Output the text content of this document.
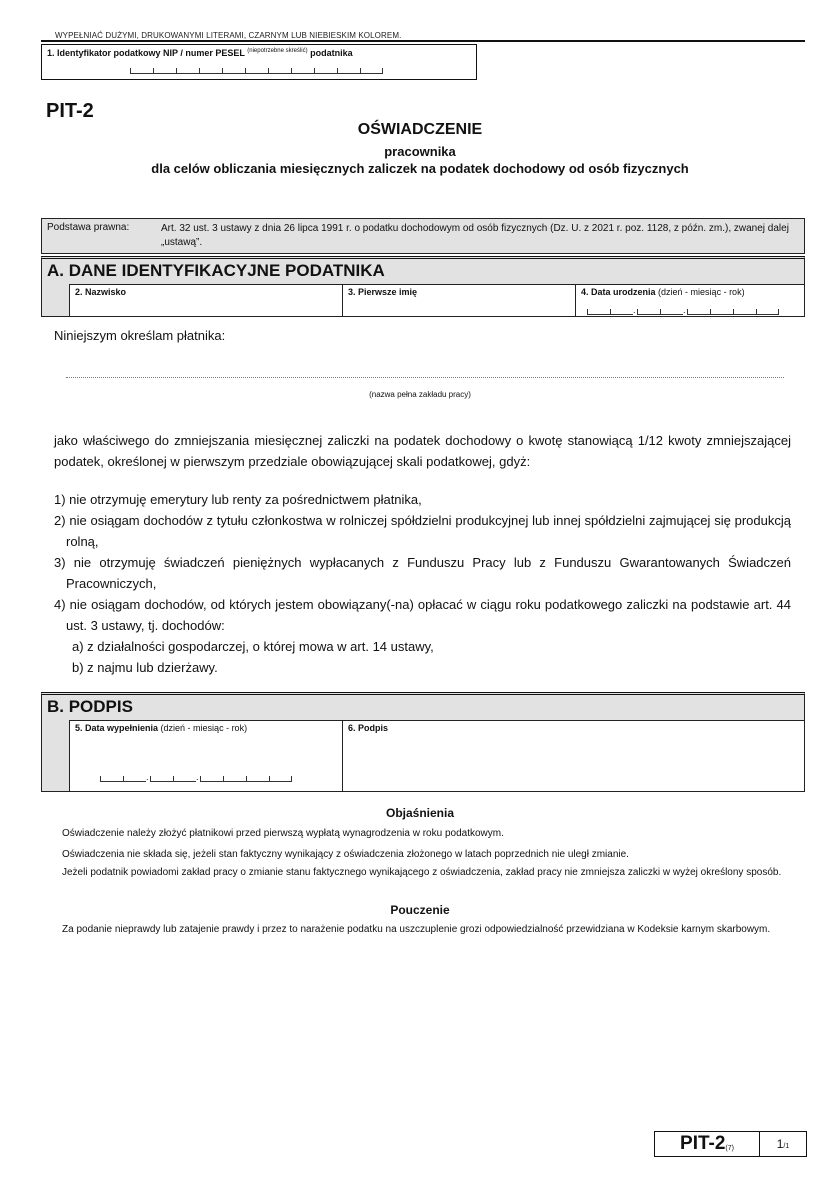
WYPEŁNIAĆ DUŻYMI, DRUKOWANYMI LITERAMI, CZARNYM LUB NIEBIESKIM KOLOREM.
1. Identyfikator podatkowy NIP / numer PESEL $^{(niepotrzebne skreślić)}$ podatnika
PIT-2
OŚWIADCZENIE
pracownika
dla celów obliczania miesięcznych zaliczek na podatek dochodowy od osób fizycznych
Podstawa prawna:	Art. 32 ust. 3 ustawy z dnia 26 lipca 1991 r. o podatku dochodowym od osób fizycznych (Dz. U. z 2021 r. poz. 1128, z późn. zm.), zwanej dalej „ustawą”.
A. DANE IDENTYFIKACYJNE PODATNIKA
2. Nazwisko	3. Pierwsze imię	4. Data urodzenia (dzień - miesiąc - rok)
.
.
Niniejszym określam płatnika:
(nazwa pełna zakładu pracy)
jako właściwego do zmniejszania miesięcznej zaliczki na podatek dochodowy o kwotę stanowiącą 1/12 kwoty zmniejszającej podatek, określonej w pierwszym przedziale obowiązującej skali podatkowej, gdyż:
1) nie otrzymuję emerytury lub renty za pośrednictwem płatnika,
2) nie osiągam dochodów z tytułu członkostwa w rolniczej spółdzielni produkcyjnej lub innej spółdzielni zajmującej się produkcją rolną,
3) nie otrzymuję świadczeń pieniężnych wypłacanych z Funduszu Pracy lub z Funduszu Gwarantowanych Świadczeń Pracowniczych,
4) nie osiągam dochodów, od których jestem obowiązany(-na) opłacać w ciągu roku podatkowego zaliczki na podstawie art. 44 ust. 3 ustawy, tj. dochodów:
a) z działalności gospodarczej, o której mowa w art. 14 ustawy,
b) z najmu lub dzierżawy.
B. PODPIS
5. Data wypełnienia (dzień - miesiąc - rok)
.
.	6. Podpis
Objaśnienia
Oświadczenie należy złożyć płatnikowi przed pierwszą wypłatą wynagrodzenia w roku podatkowym.
Oświadczenia nie składa się, jeżeli stan faktyczny wynikający z oświadczenia złożonego w latach poprzednich nie uległ zmianie.
Jeżeli podatnik powiadomi zakład pracy o zmianie stanu faktycznego wynikającego z oświadczenia, zakład pracy nie zmniejsza zaliczki w wyżej określony sposób.
Pouczenie
Za podanie nieprawdy lub zatajenie prawdy i przez to narażenie podatku na uszczuplenie grozi odpowiedzialność przewidziana w Kodeksie karnym skarbowym.
PIT-$2_{(7)}$	1/1
